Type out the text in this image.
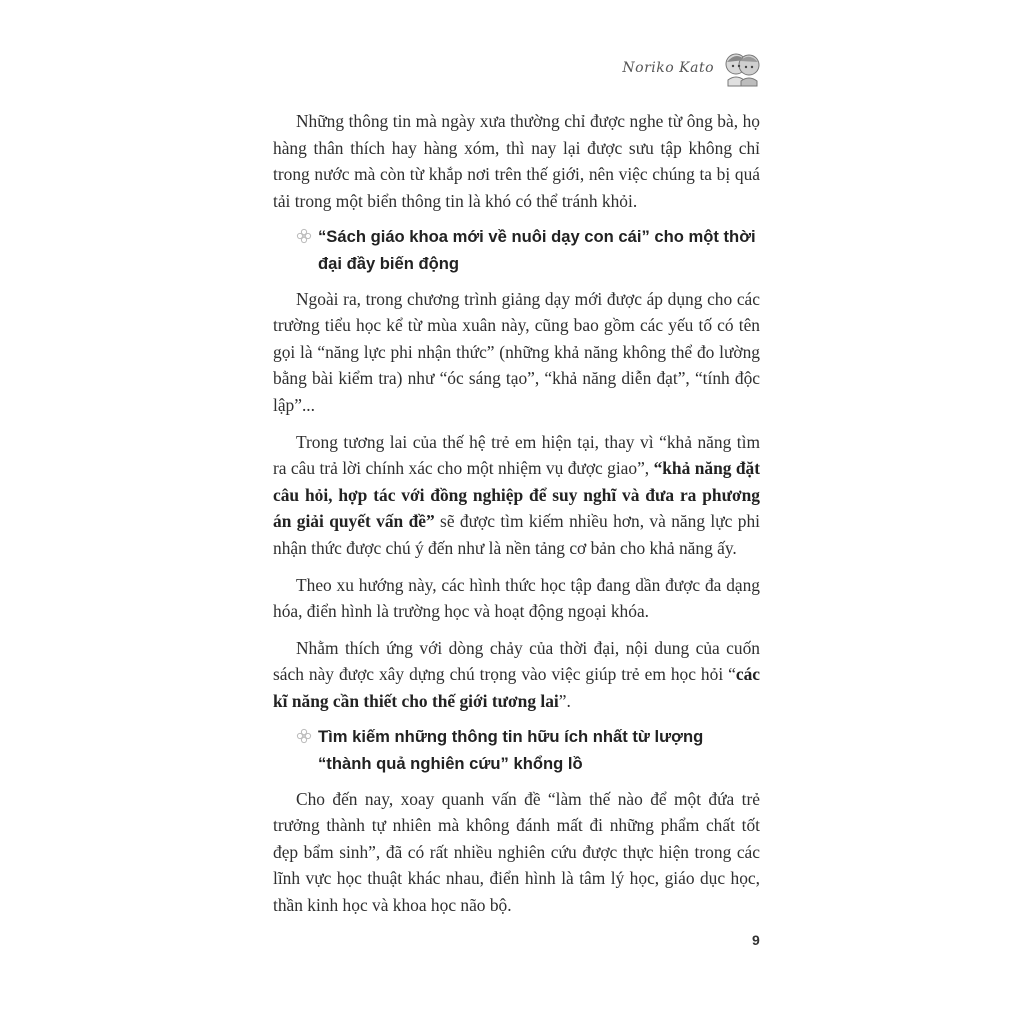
Noriko Kato

Những thông tin mà ngày xưa thường chỉ được nghe từ ông bà, họ hàng thân thích hay hàng xóm, thì nay lại được sưu tập không chỉ trong nước mà còn từ khắp nơi trên thế giới, nên việc chúng ta bị quá tải trong một biển thông tin là khó có thể tránh khỏi.

“Sách giáo khoa mới về nuôi dạy con cái” cho một thời đại đầy biến động

Ngoài ra, trong chương trình giảng dạy mới được áp dụng cho các trường tiểu học kể từ mùa xuân này, cũng bao gồm các yếu tố có tên gọi là “năng lực phi nhận thức” (những khả năng không thể đo lường bằng bài kiểm tra) như “óc sáng tạo”, “khả năng diễn đạt”, “tính độc lập”...

Trong tương lai của thế hệ trẻ em hiện tại, thay vì “khả năng tìm ra câu trả lời chính xác cho một nhiệm vụ được giao”, “khả năng đặt câu hỏi, hợp tác với đồng nghiệp để suy nghĩ và đưa ra phương án giải quyết vấn đề” sẽ được tìm kiếm nhiều hơn, và năng lực phi nhận thức được chú ý đến như là nền tảng cơ bản cho khả năng ấy.

Theo xu hướng này, các hình thức học tập đang dần được đa dạng hóa, điển hình là trường học và hoạt động ngoại khóa.

Nhằm thích ứng với dòng chảy của thời đại, nội dung của cuốn sách này được xây dựng chú trọng vào việc giúp trẻ em học hỏi “các kĩ năng cần thiết cho thế giới tương lai”.

Tìm kiếm những thông tin hữu ích nhất từ lượng “thành quả nghiên cứu” khổng lồ

Cho đến nay, xoay quanh vấn đề “làm thế nào để một đứa trẻ trưởng thành tự nhiên mà không đánh mất đi những phẩm chất tốt đẹp bẩm sinh”, đã có rất nhiều nghiên cứu được thực hiện trong các lĩnh vực học thuật khác nhau, điển hình là tâm lý học, giáo dục học, thần kinh học và khoa học não bộ.

9
